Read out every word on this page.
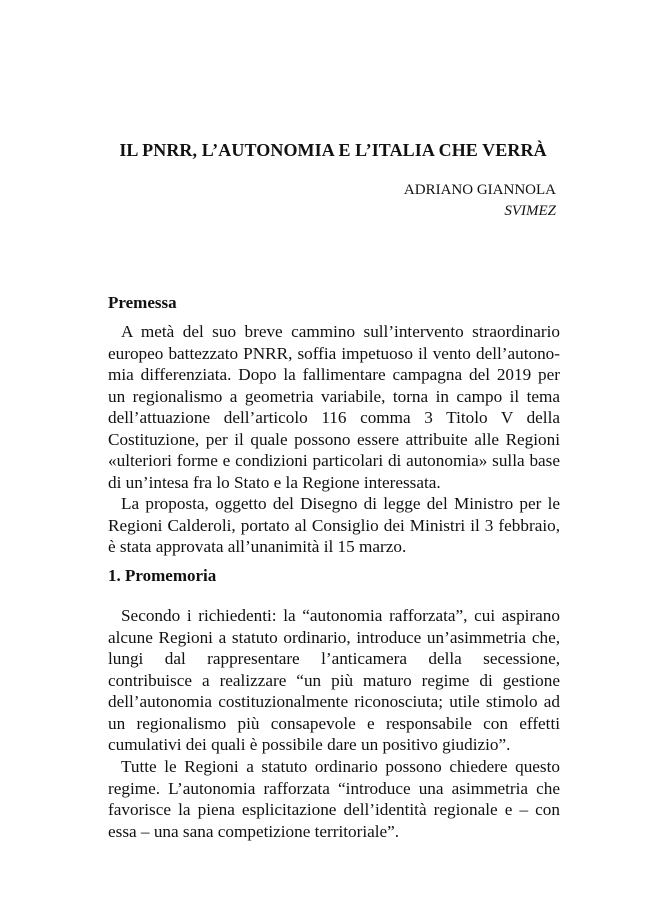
IL PNRR, L’AUTONOMIA E L’ITALIA CHE VERRÀ
ADRIANO GIANNOLA
SVIMEZ
Premessa
A metà del suo breve cammino sull’intervento straordinario
europeo battezzato PNRR, soffia impetuoso il vento dell’autono-
mia differenziata. Dopo la fallimentare campagna del 2019 per
un regionalismo a geometria variabile, torna in campo il tema
dell’attuazione dell’articolo 116 comma 3 Titolo V della
Costituzione, per il quale possono essere attribuite alle Regioni
«ulteriori forme e condizioni particolari di autonomia» sulla base
di un’intesa fra lo Stato e la Regione interessata.
La proposta, oggetto del Disegno di legge del Ministro per le
Regioni Calderoli, portato al Consiglio dei Ministri il 3 febbraio,
è stata approvata all’unanimità il 15 marzo.
1. Promemoria
Secondo i richiedenti: la “autonomia rafforzata”, cui aspirano
alcune Regioni a statuto ordinario, introduce un’asimmetria che,
lungi dal rappresentare l’anticamera della secessione,
contribuisce a realizzare “un più maturo regime di gestione
dell’autonomia costituzionalmente riconosciuta; utile stimolo ad
un regionalismo più consapevole e responsabile con effetti
cumulativi dei quali è possibile dare un positivo giudizio”.
Tutte le Regioni a statuto ordinario possono chiedere questo
regime. L’autonomia rafforzata “introduce una asimmetria che
favorisce la piena esplicitazione dell’identità regionale e – con
essa – una sana competizione territoriale”.
